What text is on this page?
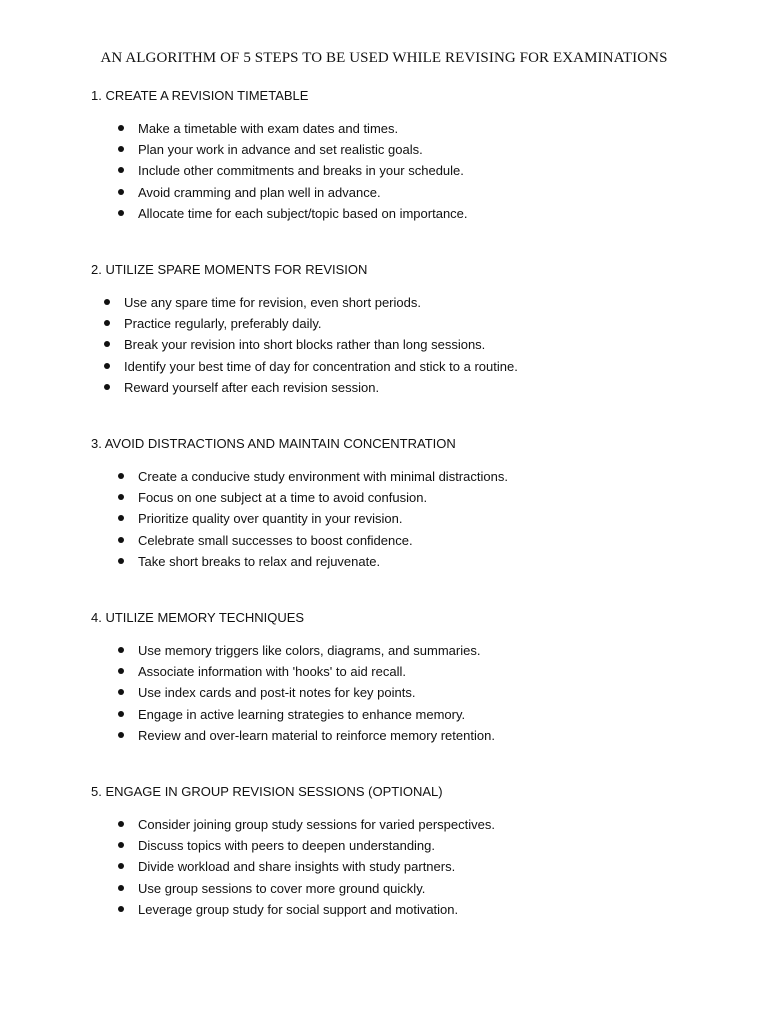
AN ALGORITHM OF 5 STEPS TO BE USED WHILE REVISING FOR EXAMINATIONS
1. CREATE A REVISION TIMETABLE
Make a timetable with exam dates and times.
Plan your work in advance and set realistic goals.
Include other commitments and breaks in your schedule.
Avoid cramming and plan well in advance.
Allocate time for each subject/topic based on importance.
2. UTILIZE SPARE MOMENTS FOR REVISION
Use any spare time for revision, even short periods.
Practice regularly, preferably daily.
Break your revision into short blocks rather than long sessions.
Identify your best time of day for concentration and stick to a routine.
Reward yourself after each revision session.
3. AVOID DISTRACTIONS AND MAINTAIN CONCENTRATION
Create a conducive study environment with minimal distractions.
Focus on one subject at a time to avoid confusion.
Prioritize quality over quantity in your revision.
Celebrate small successes to boost confidence.
Take short breaks to relax and rejuvenate.
4. UTILIZE MEMORY TECHNIQUES
Use memory triggers like colors, diagrams, and summaries.
Associate information with 'hooks' to aid recall.
Use index cards and post-it notes for key points.
Engage in active learning strategies to enhance memory.
Review and over-learn material to reinforce memory retention.
5. ENGAGE IN GROUP REVISION SESSIONS (OPTIONAL)
Consider joining group study sessions for varied perspectives.
Discuss topics with peers to deepen understanding.
Divide workload and share insights with study partners.
Use group sessions to cover more ground quickly.
Leverage group study for social support and motivation.
